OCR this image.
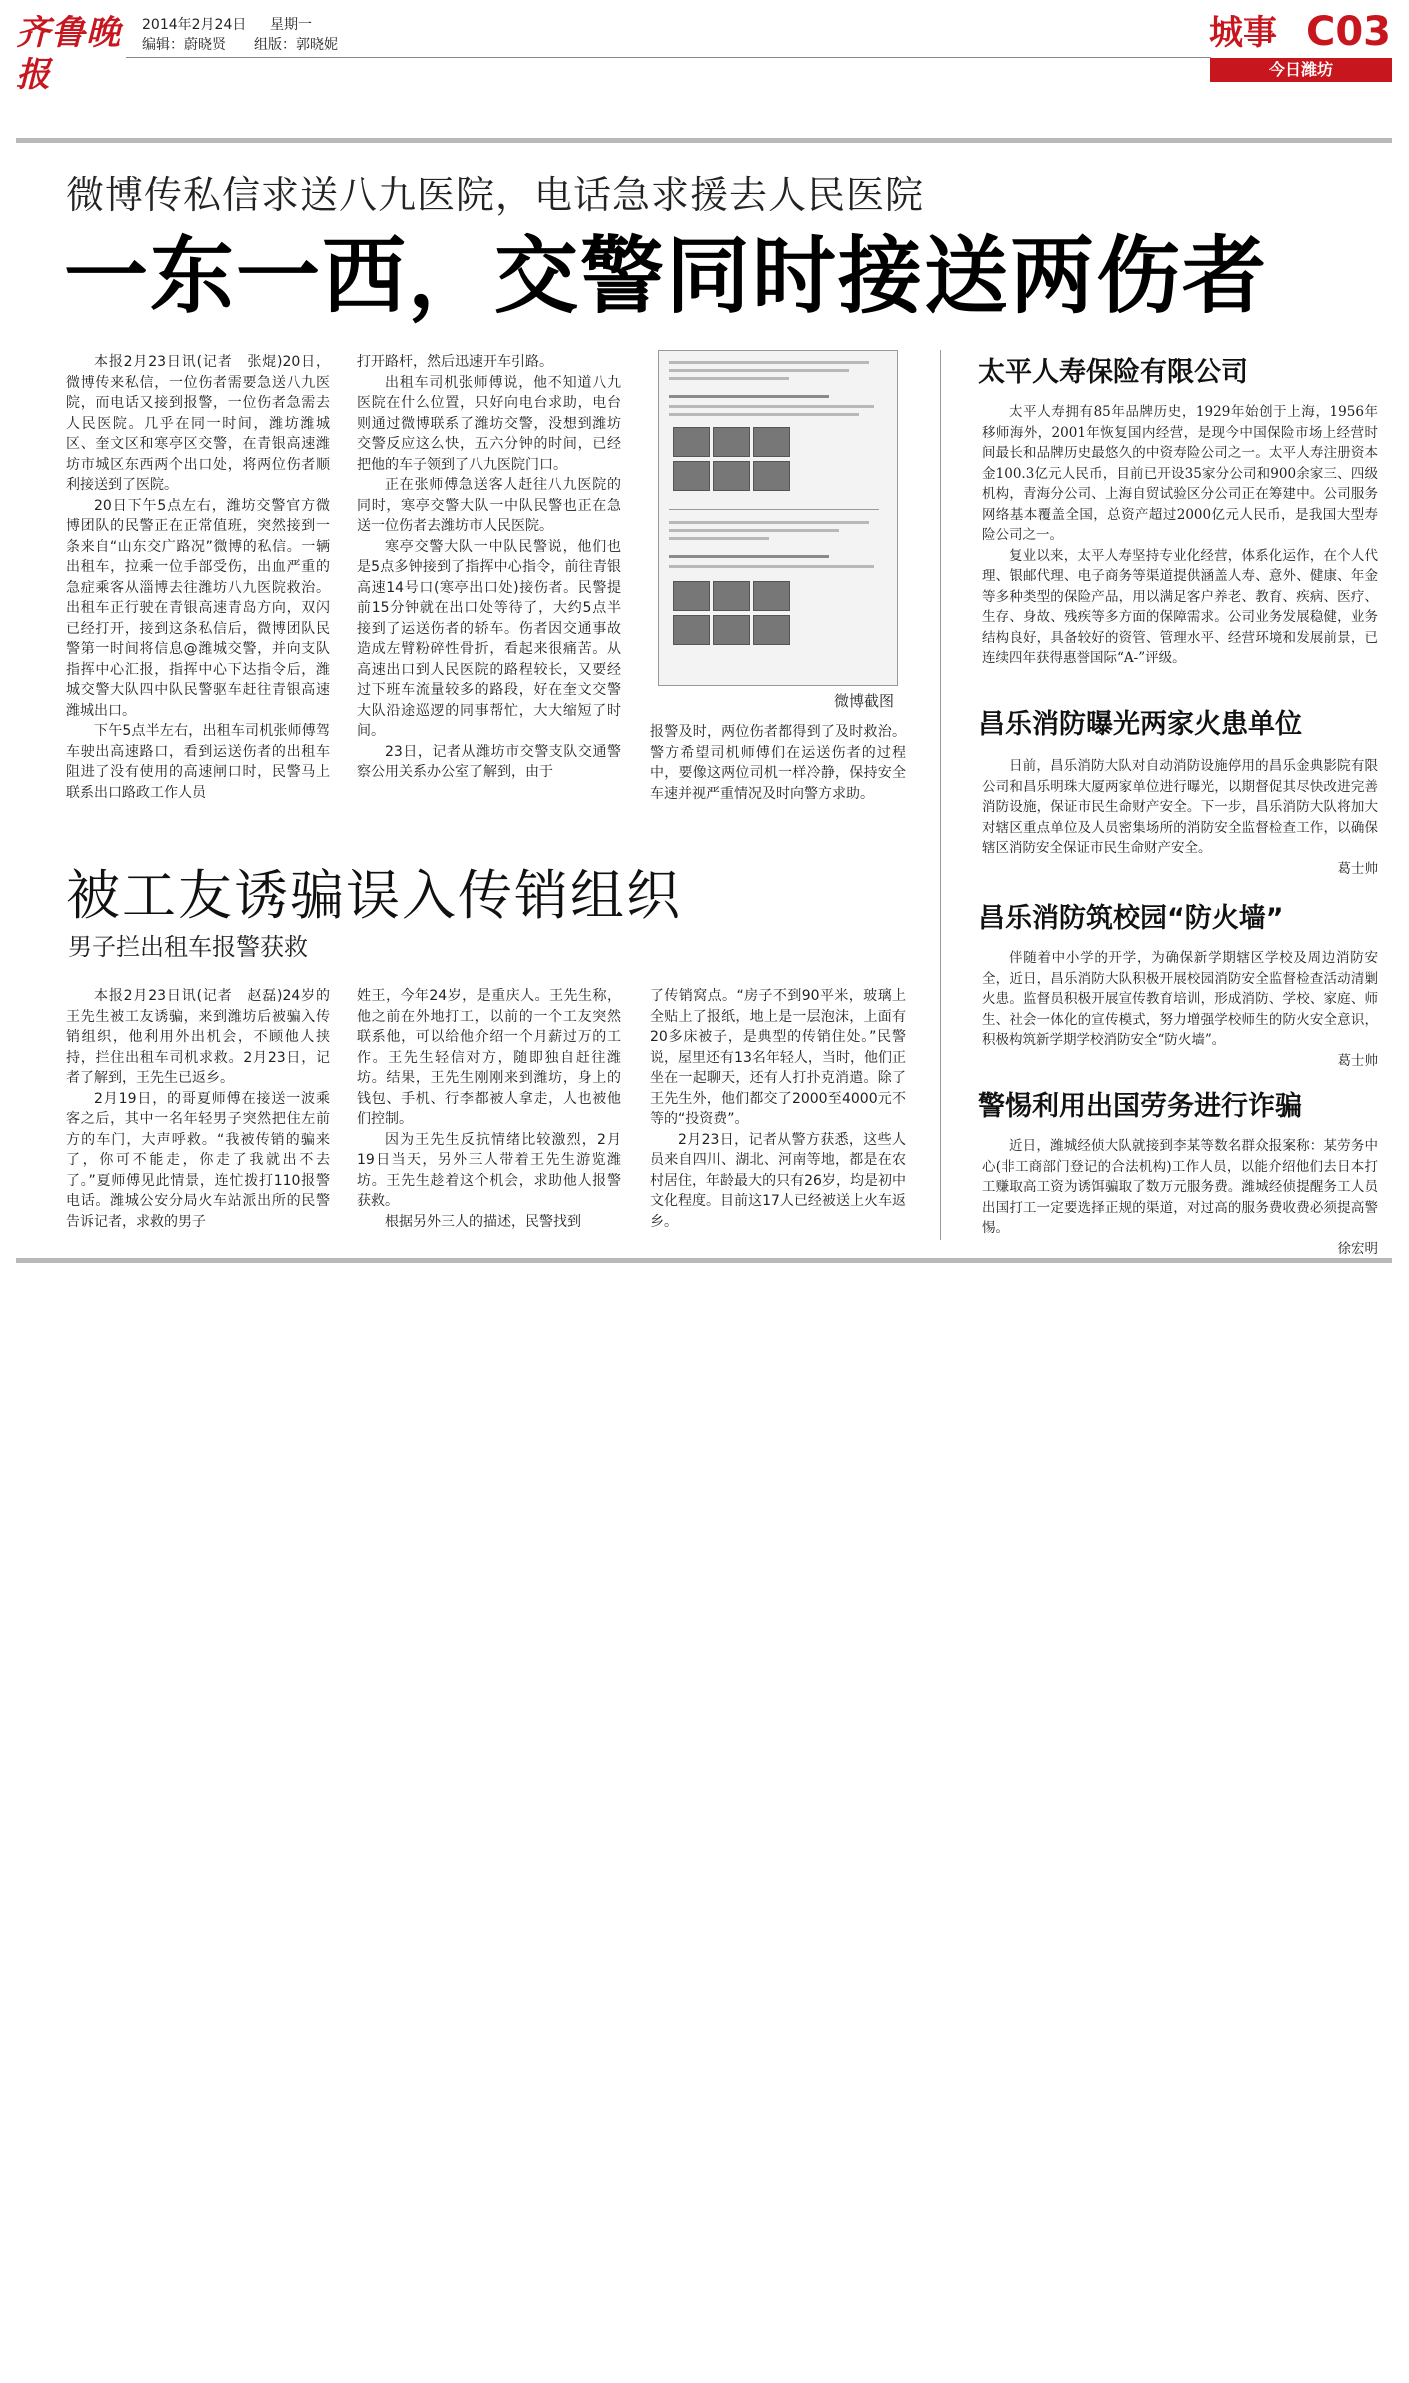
齐鲁晚报
2014年2月24日 星期一
编辑：蔚晓贤 组版：郭晓妮	城事 C03
今日潍坊
微博传私信求送八九医院，电话急求援去人民医院
一东一西，交警同时接送两伤者

本报2月23日讯(记者　张焜)20日，微博传来私信，一位伤者需要急送八九医院，而电话又接到报警，一位伤者急需去人民医院。几乎在同一时间，潍坊潍城区、奎文区和寒亭区交警，在青银高速潍坊市城区东西两个出口处，将两位伤者顺利接送到了医院。

20日下午5点左右，潍坊交警官方微博团队的民警正在正常值班，突然接到一条来自“山东交广路况”微博的私信。一辆出租车，拉乘一位手部受伤，出血严重的急症乘客从淄博去往潍坊八九医院救治。出租车正行驶在青银高速青岛方向，双闪已经打开，接到这条私信后，微博团队民警第一时间将信息@潍城交警，并向支队指挥中心汇报，指挥中心下达指令后，潍城交警大队四中队民警驱车赶往青银高速潍城出口。

下午5点半左右，出租车司机张师傅驾车驶出高速路口，看到运送伤者的出租车阻进了没有使用的高速闸口时，民警马上联系出口路政工作人员

打开路杆，然后迅速开车引路。

出租车司机张师傅说，他不知道八九医院在什么位置，只好向电台求助，电台则通过微博联系了潍坊交警，没想到潍坊交警反应这么快，五六分钟的时间，已经把他的车子领到了八九医院门口。

正在张师傅急送客人赶往八九医院的同时，寒亭交警大队一中队民警也正在急送一位伤者去潍坊市人民医院。

寒亭交警大队一中队民警说，他们也是5点多钟接到了指挥中心指令，前往青银高速14号口(寒亭出口处)接伤者。民警提前15分钟就在出口处等待了，大约5点半接到了运送伤者的轿车。伤者因交通事故造成左臂粉碎性骨折，看起来很痛苦。从高速出口到人民医院的路程较长，又要经过下班车流量较多的路段，好在奎文交警大队沿途巡逻的同事帮忙，大大缩短了时间。

23日，记者从潍坊市交警支队交通警察公用关系办公室了解到，由于

微博截图

报警及时，两位伤者都得到了及时救治。警方希望司机师傅们在运送伤者的过程中，要像这两位司机一样冷静，保持安全车速并视严重情况及时向警方求助。

被工友诱骗误入传销组织
男子拦出租车报警获救

本报2月23日讯(记者　赵磊)24岁的王先生被工友诱骗，来到潍坊后被骗入传销组织，他利用外出机会，不顾他人挟持，拦住出租车司机求救。2月23日，记者了解到，王先生已返乡。

2月19日，的哥夏师傅在接送一波乘客之后，其中一名年轻男子突然把住左前方的车门，大声呼救。“我被传销的骗来了，你可不能走，你走了我就出不去了。”夏师傅见此情景，连忙拨打110报警电话。潍城公安分局火车站派出所的民警告诉记者，求救的男子

姓王，今年24岁，是重庆人。王先生称，他之前在外地打工，以前的一个工友突然联系他，可以给他介绍一个月薪过万的工作。王先生轻信对方，随即独自赶往潍坊。结果，王先生刚刚来到潍坊，身上的钱包、手机、行李都被人拿走，人也被他们控制。

因为王先生反抗情绪比较激烈，2月19日当天，另外三人带着王先生游览潍坊。王先生趁着这个机会，求助他人报警获救。

根据另外三人的描述，民警找到

了传销窝点。“房子不到90平米，玻璃上全贴上了报纸，地上是一层泡沫，上面有20多床被子，是典型的传销住处。”民警说，屋里还有13名年轻人，当时，他们正坐在一起聊天，还有人打扑克消遣。除了王先生外，他们都交了2000至4000元不等的“投资费”。

2月23日，记者从警方获悉，这些人员来自四川、湖北、河南等地，都是在农村居住，年龄最大的只有26岁，均是初中文化程度。目前这17人已经被送上火车返乡。

太平人寿保险有限公司

太平人寿拥有85年品牌历史，1929年始创于上海，1956年移师海外，2001年恢复国内经营，是现今中国保险市场上经营时间最长和品牌历史最悠久的中资寿险公司之一。太平人寿注册资本金100.3亿元人民币，目前已开设35家分公司和900余家三、四级机构，青海分公司、上海自贸试验区分公司正在筹建中。公司服务网络基本覆盖全国，总资产超过2000亿元人民币，是我国大型寿险公司之一。

复业以来，太平人寿坚持专业化经营，体系化运作，在个人代理、银邮代理、电子商务等渠道提供涵盖人寿、意外、健康、年金等多种类型的保险产品，用以满足客户养老、教育、疾病、医疗、生存、身故、残疾等多方面的保障需求。公司业务发展稳健，业务结构良好，具备较好的资管、管理水平、经营环境和发展前景，已连续四年获得惠誉国际“A-”评级。

昌乐消防曝光两家火患单位

日前，昌乐消防大队对自动消防设施停用的昌乐金典影院有限公司和昌乐明珠大厦两家单位进行曝光，以期督促其尽快改进完善消防设施，保证市民生命财产安全。下一步，昌乐消防大队将加大对辖区重点单位及人员密集场所的消防安全监督检查工作，以确保辖区消防安全保证市民生命财产安全。

葛士帅
昌乐消防筑校园“防火墙”

伴随着中小学的开学，为确保新学期辖区学校及周边消防安全，近日，昌乐消防大队积极开展校园消防安全监督检查活动清剿火患。监督员积极开展宣传教育培训，形成消防、学校、家庭、师生、社会一体化的宣传模式，努力增强学校师生的防火安全意识，积极构筑新学期学校消防安全“防火墙”。

葛士帅
警惕利用出国劳务进行诈骗

近日，潍城经侦大队就接到李某等数名群众报案称：某劳务中心(非工商部门登记的合法机构)工作人员，以能介绍他们去日本打工赚取高工资为诱饵骗取了数万元服务费。潍城经侦提醒务工人员出国打工一定要选择正规的渠道，对过高的服务费收费必须提高警惕。

徐宏明
